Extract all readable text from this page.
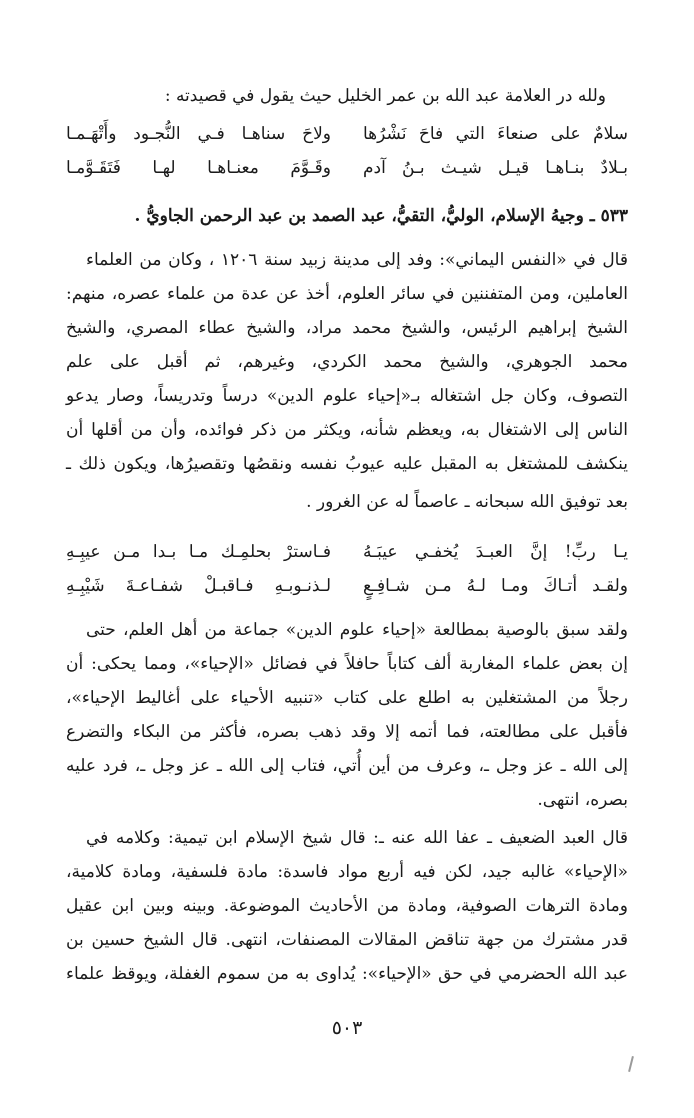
ولله در العلامة عبد الله بن عمر الخليل حيث يقول في قصيدته :
سلامٌ على صنعاءَ التي فاحَ نَشْرُها
ولاحَ سناهـا فـي النُّجـود وأَتْهَـمـا
بـلادٌ بنـاهـا قيـل شيـث بـنُ آدم
وقَـوَّمَ معنـاهـا لهـا فَتَقَـوَّمـا
٥٣٣ ـ وجيهُ الإسلام، الوليُّ، التقيُّ، عبد الصمد بن عبد الرحمن الجاويُّ .
قال في «النفس اليماني»: وفد إلى مدينة زبيد سنة ١٢٠٦ ، وكان من العلماء
العاملين، ومن المتفننين في سائر العلوم، أخذ عن عدة من علماء عصره، منهم:
الشيخ إبراهيم الرئيس، والشيخ محمد مراد، والشيخ عطاء المصري، والشيخ
محمد الجوهري، والشيخ محمد الكردي، وغيرهم، ثم أقبل على علم
التصوف، وكان جل اشتغاله بـ«إحياء علوم الدين» درساً وتدريساً، وصار يدعو
الناس إلى الاشتغال به، ويعظم شأنه، ويكثر من ذكر فوائده، وأن من أقلها أن
ينكشف للمشتغل به المقبل عليه عيوبُ نفسه ونقصُها وتقصيرُها، ويكون ذلك ـ
بعد توفيق الله سبحانه ـ عاصماً له عن الغرور .
يـا ربِّ! إنَّ العبـدَ يُخفـي عيبَـهُ
فـاسترْ بحلمِـك مـا بـدا مـن عيبِـهِ
ولقـد أتـاكَ ومـا لـهُ مـن شـافِـعٍ
لـذنـوبـهِ فـاقبـلْ شفـاعـةَ شَيْبِـهِ
ولقد سبق بالوصية بمطالعة «إحياء علوم الدين» جماعة من أهل العلم، حتى
إن بعض علماء المغاربة ألف كتاباً حافلاً في فضائل «الإحياء»، ومما يحكى: أن
رجلاً من المشتغلين به اطلع على كتاب «تنبيه الأحياء على أغاليط الإحياء»،
فأقبل على مطالعته، فما أتمه إلا وقد ذهب بصره، فأكثر من البكاء والتضرع
إلى الله ـ عز وجل ـ، وعرف من أين أُتي، فتاب إلى الله ـ عز وجل ـ، فرد عليه
بصره، انتهى.
قال العبد الضعيف ـ عفا الله عنه ـ: قال شيخ الإسلام ابن تيمية: وكلامه في
«الإحياء» غالبه جيد، لكن فيه أربع مواد فاسدة: مادة فلسفية، ومادة كلامية،
ومادة الترهات الصوفية، ومادة من الأحاديث الموضوعة. وبينه وبين ابن عقيل
قدر مشترك من جهة تناقض المقالات المصنفات، انتهى. قال الشيخ حسين بن
عبد الله الحضرمي في حق «الإحياء»: يُداوى به من سموم الغفلة، ويوقظ علماء
٥٠٣
